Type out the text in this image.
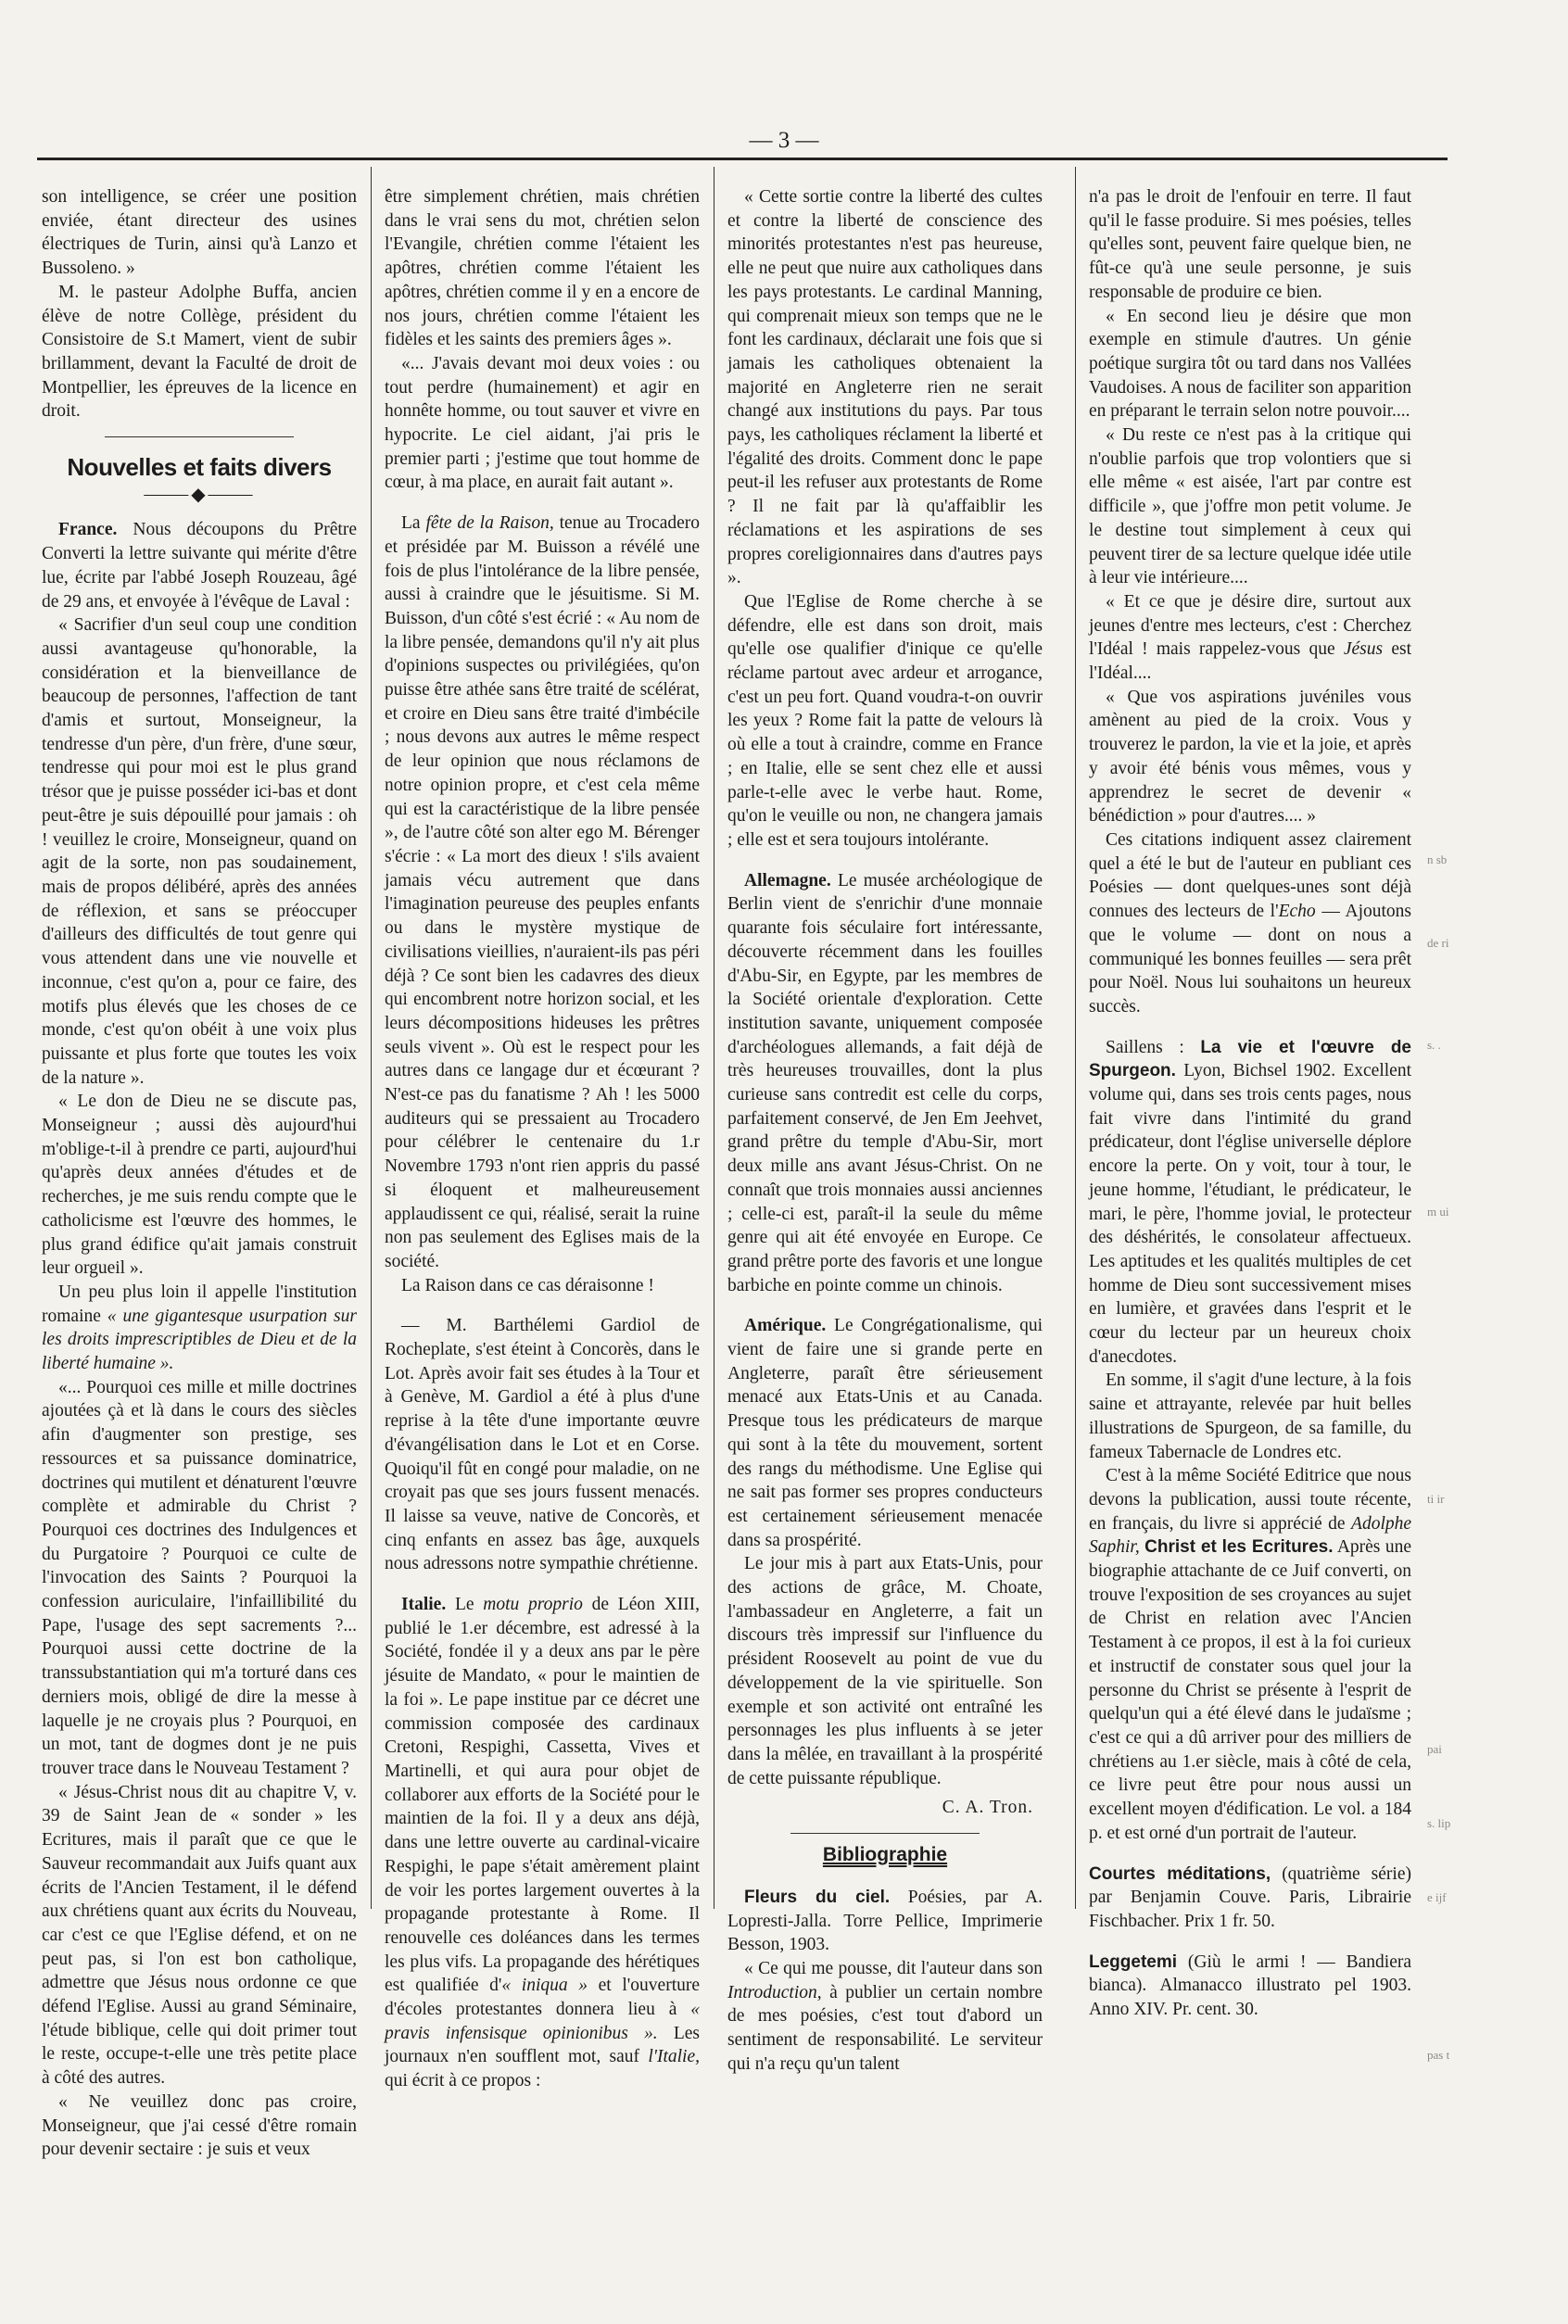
— 3 —

son intelligence, se créer une position enviée, étant directeur des usines électriques de Turin, ainsi qu'à Lanzo et Bussoleno. »

M. le pasteur Adolphe Buffa, ancien élève de notre Collège, président du Consistoire de S.t Mamert, vient de subir brillamment, devant la Faculté de droit de Montpellier, les épreuves de la licence en droit.

Nouvelles et faits divers
⸻◆⸻

France. Nous découpons du Prêtre Converti la lettre suivante qui mérite d'être lue, écrite par l'abbé Joseph Rouzeau, âgé de 29 ans, et envoyée à l'évêque de Laval :

« Sacrifier d'un seul coup une condition aussi avantageuse qu'honorable, la considération et la bienveillance de beaucoup de personnes, l'affection de tant d'amis et surtout, Monseigneur, la tendresse d'un père, d'un frère, d'une sœur, tendresse qui pour moi est le plus grand trésor que je puisse posséder ici-bas et dont peut-être je suis dépouillé pour jamais : oh ! veuillez le croire, Monseigneur, quand on agit de la sorte, non pas soudainement, mais de propos délibéré, après des années de réflexion, et sans se préoccuper d'ailleurs des difficultés de tout genre qui vous attendent dans une vie nouvelle et inconnue, c'est qu'on a, pour ce faire, des motifs plus élevés que les choses de ce monde, c'est qu'on obéit à une voix plus puissante et plus forte que toutes les voix de la nature ».

« Le don de Dieu ne se discute pas, Monseigneur ; aussi dès aujourd'hui m'oblige-t-il à prendre ce parti, aujourd'hui qu'après deux années d'études et de recherches, je me suis rendu compte que le catholicisme est l'œuvre des hommes, le plus grand édifice qu'ait jamais construit leur orgueil ».

Un peu plus loin il appelle l'institution romaine « une gigantesque usurpation sur les droits imprescriptibles de Dieu et de la liberté humaine ».

«... Pourquoi ces mille et mille doctrines ajoutées çà et là dans le cours des siècles afin d'augmenter son prestige, ses ressources et sa puissance dominatrice, doctrines qui mutilent et dénaturent l'œuvre complète et admirable du Christ ? Pourquoi ces doctrines des Indulgences et du Purgatoire ? Pourquoi ce culte de l'invocation des Saints ? Pourquoi la confession auriculaire, l'infaillibilité du Pape, l'usage des sept sacrements ?... Pourquoi aussi cette doctrine de la transsubstantiation qui m'a torturé dans ces derniers mois, obligé de dire la messe à laquelle je ne croyais plus ? Pourquoi, en un mot, tant de dogmes dont je ne puis trouver trace dans le Nouveau Testament ?

« Jésus-Christ nous dit au chapitre V, v. 39 de Saint Jean de « sonder » les Ecritures, mais il paraît que ce que le Sauveur recommandait aux Juifs quant aux écrits de l'Ancien Testament, il le défend aux chrétiens quant aux écrits du Nouveau, car c'est ce que l'Eglise défend, et on ne peut pas, si l'on est bon catholique, admettre que Jésus nous ordonne ce que défend l'Eglise. Aussi au grand Séminaire, l'étude biblique, celle qui doit primer tout le reste, occupe-t-elle une très petite place à côté des autres.

« Ne veuillez donc pas croire, Monseigneur, que j'ai cessé d'être romain pour devenir sectaire : je suis et veux

être simplement chrétien, mais chrétien dans le vrai sens du mot, chrétien selon l'Evangile, chrétien comme l'étaient les apôtres, chrétien comme l'étaient les apôtres, chrétien comme il y en a encore de nos jours, chrétien comme l'étaient les fidèles et les saints des premiers âges ».

«... J'avais devant moi deux voies : ou tout perdre (humainement) et agir en honnête homme, ou tout sauver et vivre en hypocrite. Le ciel aidant, j'ai pris le premier parti ; j'estime que tout homme de cœur, à ma place, en aurait fait autant ».

La fête de la Raison, tenue au Trocadero et présidée par M. Buisson a révélé une fois de plus l'intolérance de la libre pensée, aussi à craindre que le jésuitisme. Si M. Buisson, d'un côté s'est écrié : « Au nom de la libre pensée, demandons qu'il n'y ait plus d'opinions suspectes ou privilégiées, qu'on puisse être athée sans être traité de scélérat, et croire en Dieu sans être traité d'imbécile ; nous devons aux autres le même respect de leur opinion que nous réclamons de notre opinion propre, et c'est cela même qui est la caractéristique de la libre pensée », de l'autre côté son alter ego M. Bérenger s'écrie : « La mort des dieux ! s'ils avaient jamais vécu autrement que dans l'imagination peureuse des peuples enfants ou dans le mystère mystique de civilisations vieillies, n'auraient-ils pas péri déjà ? Ce sont bien les cadavres des dieux qui encombrent notre horizon social, et les leurs décompositions hideuses les prêtres seuls vivent ». Où est le respect pour les autres dans ce langage dur et écœurant ? N'est-ce pas du fanatisme ? Ah ! les 5000 auditeurs qui se pressaient au Trocadero pour célébrer le centenaire du 1.r Novembre 1793 n'ont rien appris du passé si éloquent et malheureusement applaudissent ce qui, réalisé, serait la ruine non pas seulement des Eglises mais de la société.

La Raison dans ce cas déraisonne !

— M. Barthélemi Gardiol de Rocheplate, s'est éteint à Concorès, dans le Lot. Après avoir fait ses études à la Tour et à Genève, M. Gardiol a été à plus d'une reprise à la tête d'une importante œuvre d'évangélisation dans le Lot et en Corse. Quoiqu'il fût en congé pour maladie, on ne croyait pas que ses jours fussent menacés. Il laisse sa veuve, native de Concorès, et cinq enfants en assez bas âge, auxquels nous adressons notre sympathie chrétienne.

Italie. Le motu proprio de Léon XIII, publié le 1.er décembre, est adressé à la Société, fondée il y a deux ans par le père jésuite de Mandato, « pour le maintien de la foi ». Le pape institue par ce décret une commission composée des cardinaux Cretoni, Respighi, Cassetta, Vives et Martinelli, et qui aura pour objet de collaborer aux efforts de la Société pour le maintien de la foi. Il y a deux ans déjà, dans une lettre ouverte au cardinal-vicaire Respighi, le pape s'était amèrement plaint de voir les portes largement ouvertes à la propagande protestante à Rome. Il renouvelle ces doléances dans les termes les plus vifs. La propagande des hérétiques est qualifiée d'« iniqua » et l'ouverture d'écoles protestantes donnera lieu à « pravis infensisque opinionibus ». Les journaux n'en soufflent mot, sauf l'Italie, qui écrit à ce propos :

« Cette sortie contre la liberté des cultes et contre la liberté de conscience des minorités protestantes n'est pas heureuse, elle ne peut que nuire aux catholiques dans les pays protestants. Le cardinal Manning, qui comprenait mieux son temps que ne le font les cardinaux, déclarait une fois que si jamais les catholiques obtenaient la majorité en Angleterre rien ne serait changé aux institutions du pays. Par tous pays, les catholiques réclament la liberté et l'égalité des droits. Comment donc le pape peut-il les refuser aux protestants de Rome ? Il ne fait par là qu'affaiblir les réclamations et les aspirations de ses propres coreligionnaires dans d'autres pays ».

Que l'Eglise de Rome cherche à se défendre, elle est dans son droit, mais qu'elle ose qualifier d'inique ce qu'elle réclame partout avec ardeur et arrogance, c'est un peu fort. Quand voudra-t-on ouvrir les yeux ? Rome fait la patte de velours là où elle a tout à craindre, comme en France ; en Italie, elle se sent chez elle et aussi parle-t-elle avec le verbe haut. Rome, qu'on le veuille ou non, ne changera jamais ; elle est et sera toujours intolérante.

Allemagne. Le musée archéologique de Berlin vient de s'enrichir d'une monnaie quarante fois séculaire fort intéressante, découverte récemment dans les fouilles d'Abu-Sir, en Egypte, par les membres de la Société orientale d'exploration. Cette institution savante, uniquement composée d'archéologues allemands, a fait déjà de très heureuses trouvailles, dont la plus curieuse sans contredit est celle du corps, parfaitement conservé, de Jen Em Jeehvet, grand prêtre du temple d'Abu-Sir, mort deux mille ans avant Jésus-Christ. On ne connaît que trois monnaies aussi anciennes ; celle-ci est, paraît-il la seule du même genre qui ait été envoyée en Europe. Ce grand prêtre porte des favoris et une longue barbiche en pointe comme un chinois.

Amérique. Le Congrégationalisme, qui vient de faire une si grande perte en Angleterre, paraît être sérieusement menacé aux Etats-Unis et au Canada. Presque tous les prédicateurs de marque qui sont à la tête du mouvement, sortent des rangs du méthodisme. Une Eglise qui ne sait pas former ses propres conducteurs est certainement sérieusement menacée dans sa prospérité.

Le jour mis à part aux Etats-Unis, pour des actions de grâce, M. Choate, l'ambassadeur en Angleterre, a fait un discours très impressif sur l'influence du président Roosevelt au point de vue du développement de la vie spirituelle. Son exemple et son activité ont entraîné les personnages les plus influents à se jeter dans la mêlée, en travaillant à la prospérité de cette puissante république.

C. A. Tron.
Bibliographie

Fleurs du ciel. Poésies, par A. Lopresti-Jalla. Torre Pellice, Imprimerie Besson, 1903.

« Ce qui me pousse, dit l'auteur dans son Introduction, à publier un certain nombre de mes poésies, c'est tout d'abord un sentiment de responsabilité. Le serviteur qui n'a reçu qu'un talent

n'a pas le droit de l'enfouir en terre. Il faut qu'il le fasse produire. Si mes poésies, telles qu'elles sont, peuvent faire quelque bien, ne fût-ce qu'à une seule personne, je suis responsable de produire ce bien.

« En second lieu je désire que mon exemple en stimule d'autres. Un génie poétique surgira tôt ou tard dans nos Vallées Vaudoises. A nous de faciliter son apparition en préparant le terrain selon notre pouvoir....

« Du reste ce n'est pas à la critique qui n'oublie parfois que trop volontiers que si elle même « est aisée, l'art par contre est difficile », que j'offre mon petit volume. Je le destine tout simplement à ceux qui peuvent tirer de sa lecture quelque idée utile à leur vie intérieure....

« Et ce que je désire dire, surtout aux jeunes d'entre mes lecteurs, c'est : Cherchez l'Idéal ! mais rappelez-vous que Jésus est l'Idéal....

« Que vos aspirations juvéniles vous amènent au pied de la croix. Vous y trouverez le pardon, la vie et la joie, et après y avoir été bénis vous mêmes, vous y apprendrez le secret de devenir « bénédiction » pour d'autres.... »

Ces citations indiquent assez clairement quel a été le but de l'auteur en publiant ces Poésies — dont quelques-unes sont déjà connues des lecteurs de l'Echo — Ajoutons que le volume — dont on nous a communiqué les bonnes feuilles — sera prêt pour Noël. Nous lui souhaitons un heureux succès.

Saillens : La vie et l'œuvre de Spurgeon. Lyon, Bichsel 1902. Excellent volume qui, dans ses trois cents pages, nous fait vivre dans l'intimité du grand prédicateur, dont l'église universelle déplore encore la perte. On y voit, tour à tour, le jeune homme, l'étudiant, le prédicateur, le mari, le père, l'homme jovial, le protecteur des déshérités, le consolateur affectueux. Les aptitudes et les qualités multiples de cet homme de Dieu sont successivement mises en lumière, et gravées dans l'esprit et le cœur du lecteur par un heureux choix d'anecdotes.

En somme, il s'agit d'une lecture, à la fois saine et attrayante, relevée par huit belles illustrations de Spurgeon, de sa famille, du fameux Tabernacle de Londres etc.

C'est à la même Société Editrice que nous devons la publication, aussi toute récente, en français, du livre si apprécié de Adolphe Saphir, Christ et les Ecritures. Après une biographie attachante de ce Juif converti, on trouve l'exposition de ses croyances au sujet de Christ en relation avec l'Ancien Testament à ce propos, il est à la foi curieux et instructif de constater sous quel jour la personne du Christ se présente à l'esprit de quelqu'un qui a été élevé dans le judaïsme ; c'est ce qui a dû arriver pour des milliers de chrétiens au 1.er siècle, mais à côté de cela, ce livre peut être pour nous aussi un excellent moyen d'édification. Le vol. a 184 p. et est orné d'un portrait de l'auteur.

Courtes méditations, (quatrième série) par Benjamin Couve. Paris, Librairie Fischbacher. Prix 1 fr. 50.

Leggetemi (Giù le armi ! — Bandiera bianca). Almanacco illustrato pel 1903. Anno XIV. Pr. cent. 30.

n sb
de ri
s. .
m ui
ti ir
pai
s. lip
e ijf
pas t
